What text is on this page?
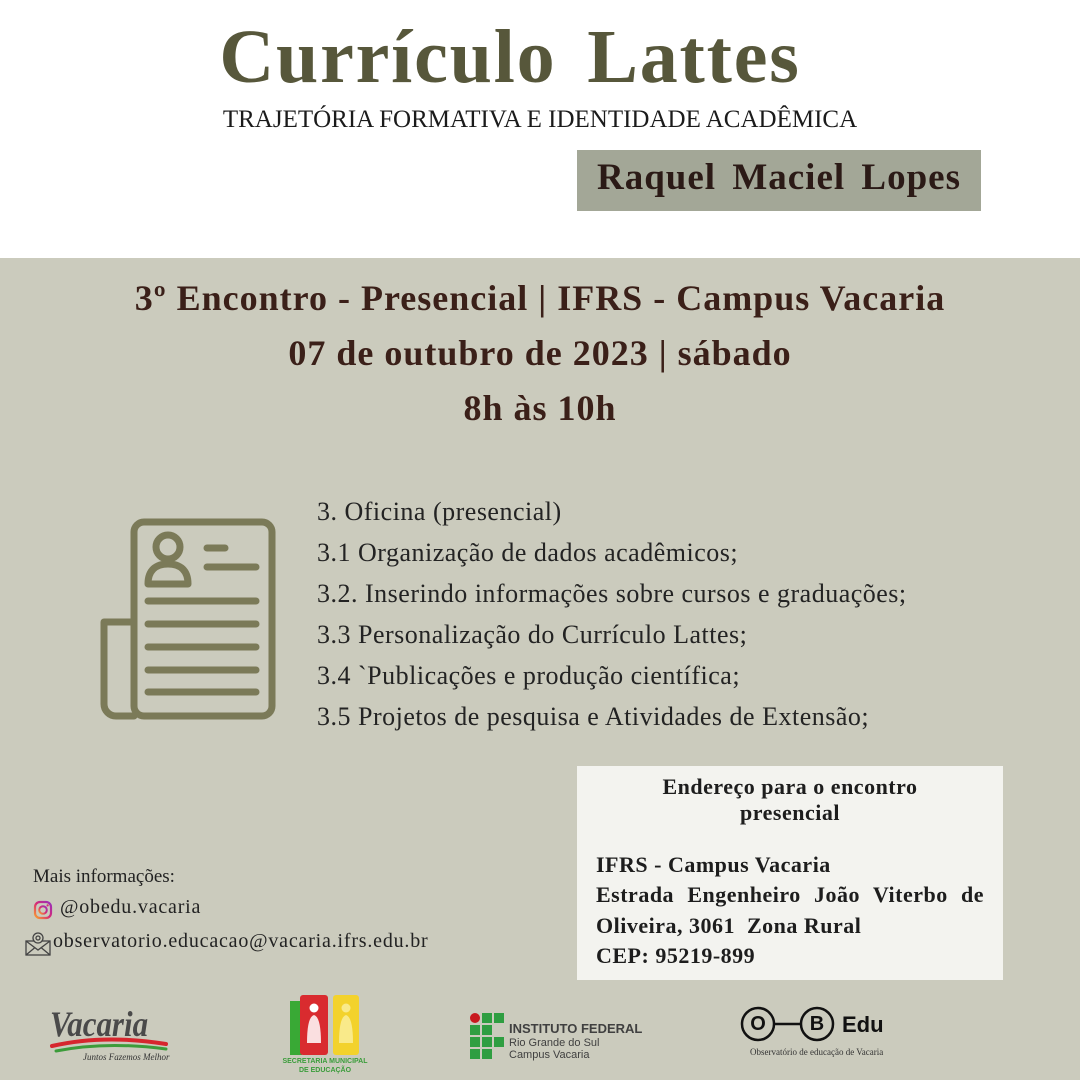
Currículo Lattes
TRAJETÓRIA FORMATIVA E IDENTIDADE ACADÊMICA
Raquel Maciel Lopes
3º Encontro - Presencial | IFRS - Campus Vacaria
07 de outubro de 2023 | sábado
8h às 10h
3. Oficina (presencial)
3.1 Organização de dados acadêmicos;
3.2. Inserindo informações sobre cursos e graduações;
3.3 Personalização do Currículo Lattes;
3.4 `Publicações e produção científica;
3.5 Projetos de pesquisa e Atividades de Extensão;
Endereço para o encontro
presencial
IFRS - Campus Vacaria
Estrada Engenheiro João Viterbo de
Oliveira, 3061  Zona Rural
CEP: 95219-899
Mais informações:
@obedu.vacaria
observatorio.educacao@vacaria.ifrs.edu.br
Vacaria
Juntos Fazemos Melhor	SECRETARIA MUNICIPAL
DE EDUCAÇÃO
INSTITUTO FEDERAL
Rio Grande do Sul
Campus Vacaria
O	B Edu
Observatório de educação de Vacaria
